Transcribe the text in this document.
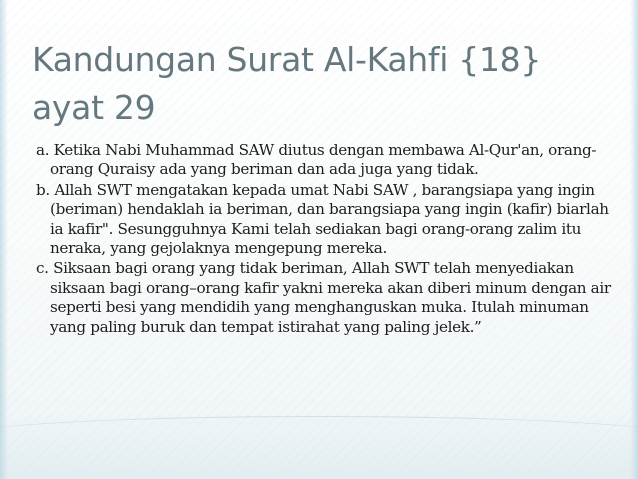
Kandungan Surat Al-Kahfi {18} ayat 29
a. Ketika Nabi Muhammad SAW diutus dengan membawa Al-Qur'an, orang-orang Quraisy ada yang beriman dan ada juga yang tidak.
b. Allah SWT mengatakan kepada umat Nabi SAW , barangsiapa yang ingin (beriman) hendaklah ia beriman, dan barangsiapa yang ingin (kafir) biarlah ia kafir". Sesungguhnya Kami telah sediakan bagi orang-orang zalim itu neraka, yang gejolaknya mengepung mereka.
c. Siksaan bagi orang yang tidak beriman, Allah SWT telah menyediakan siksaan bagi orang–orang kafir yakni mereka akan diberi minum dengan air seperti besi yang mendidih yang menghanguskan muka. Itulah minuman yang paling buruk dan tempat istirahat yang paling jelek.”
